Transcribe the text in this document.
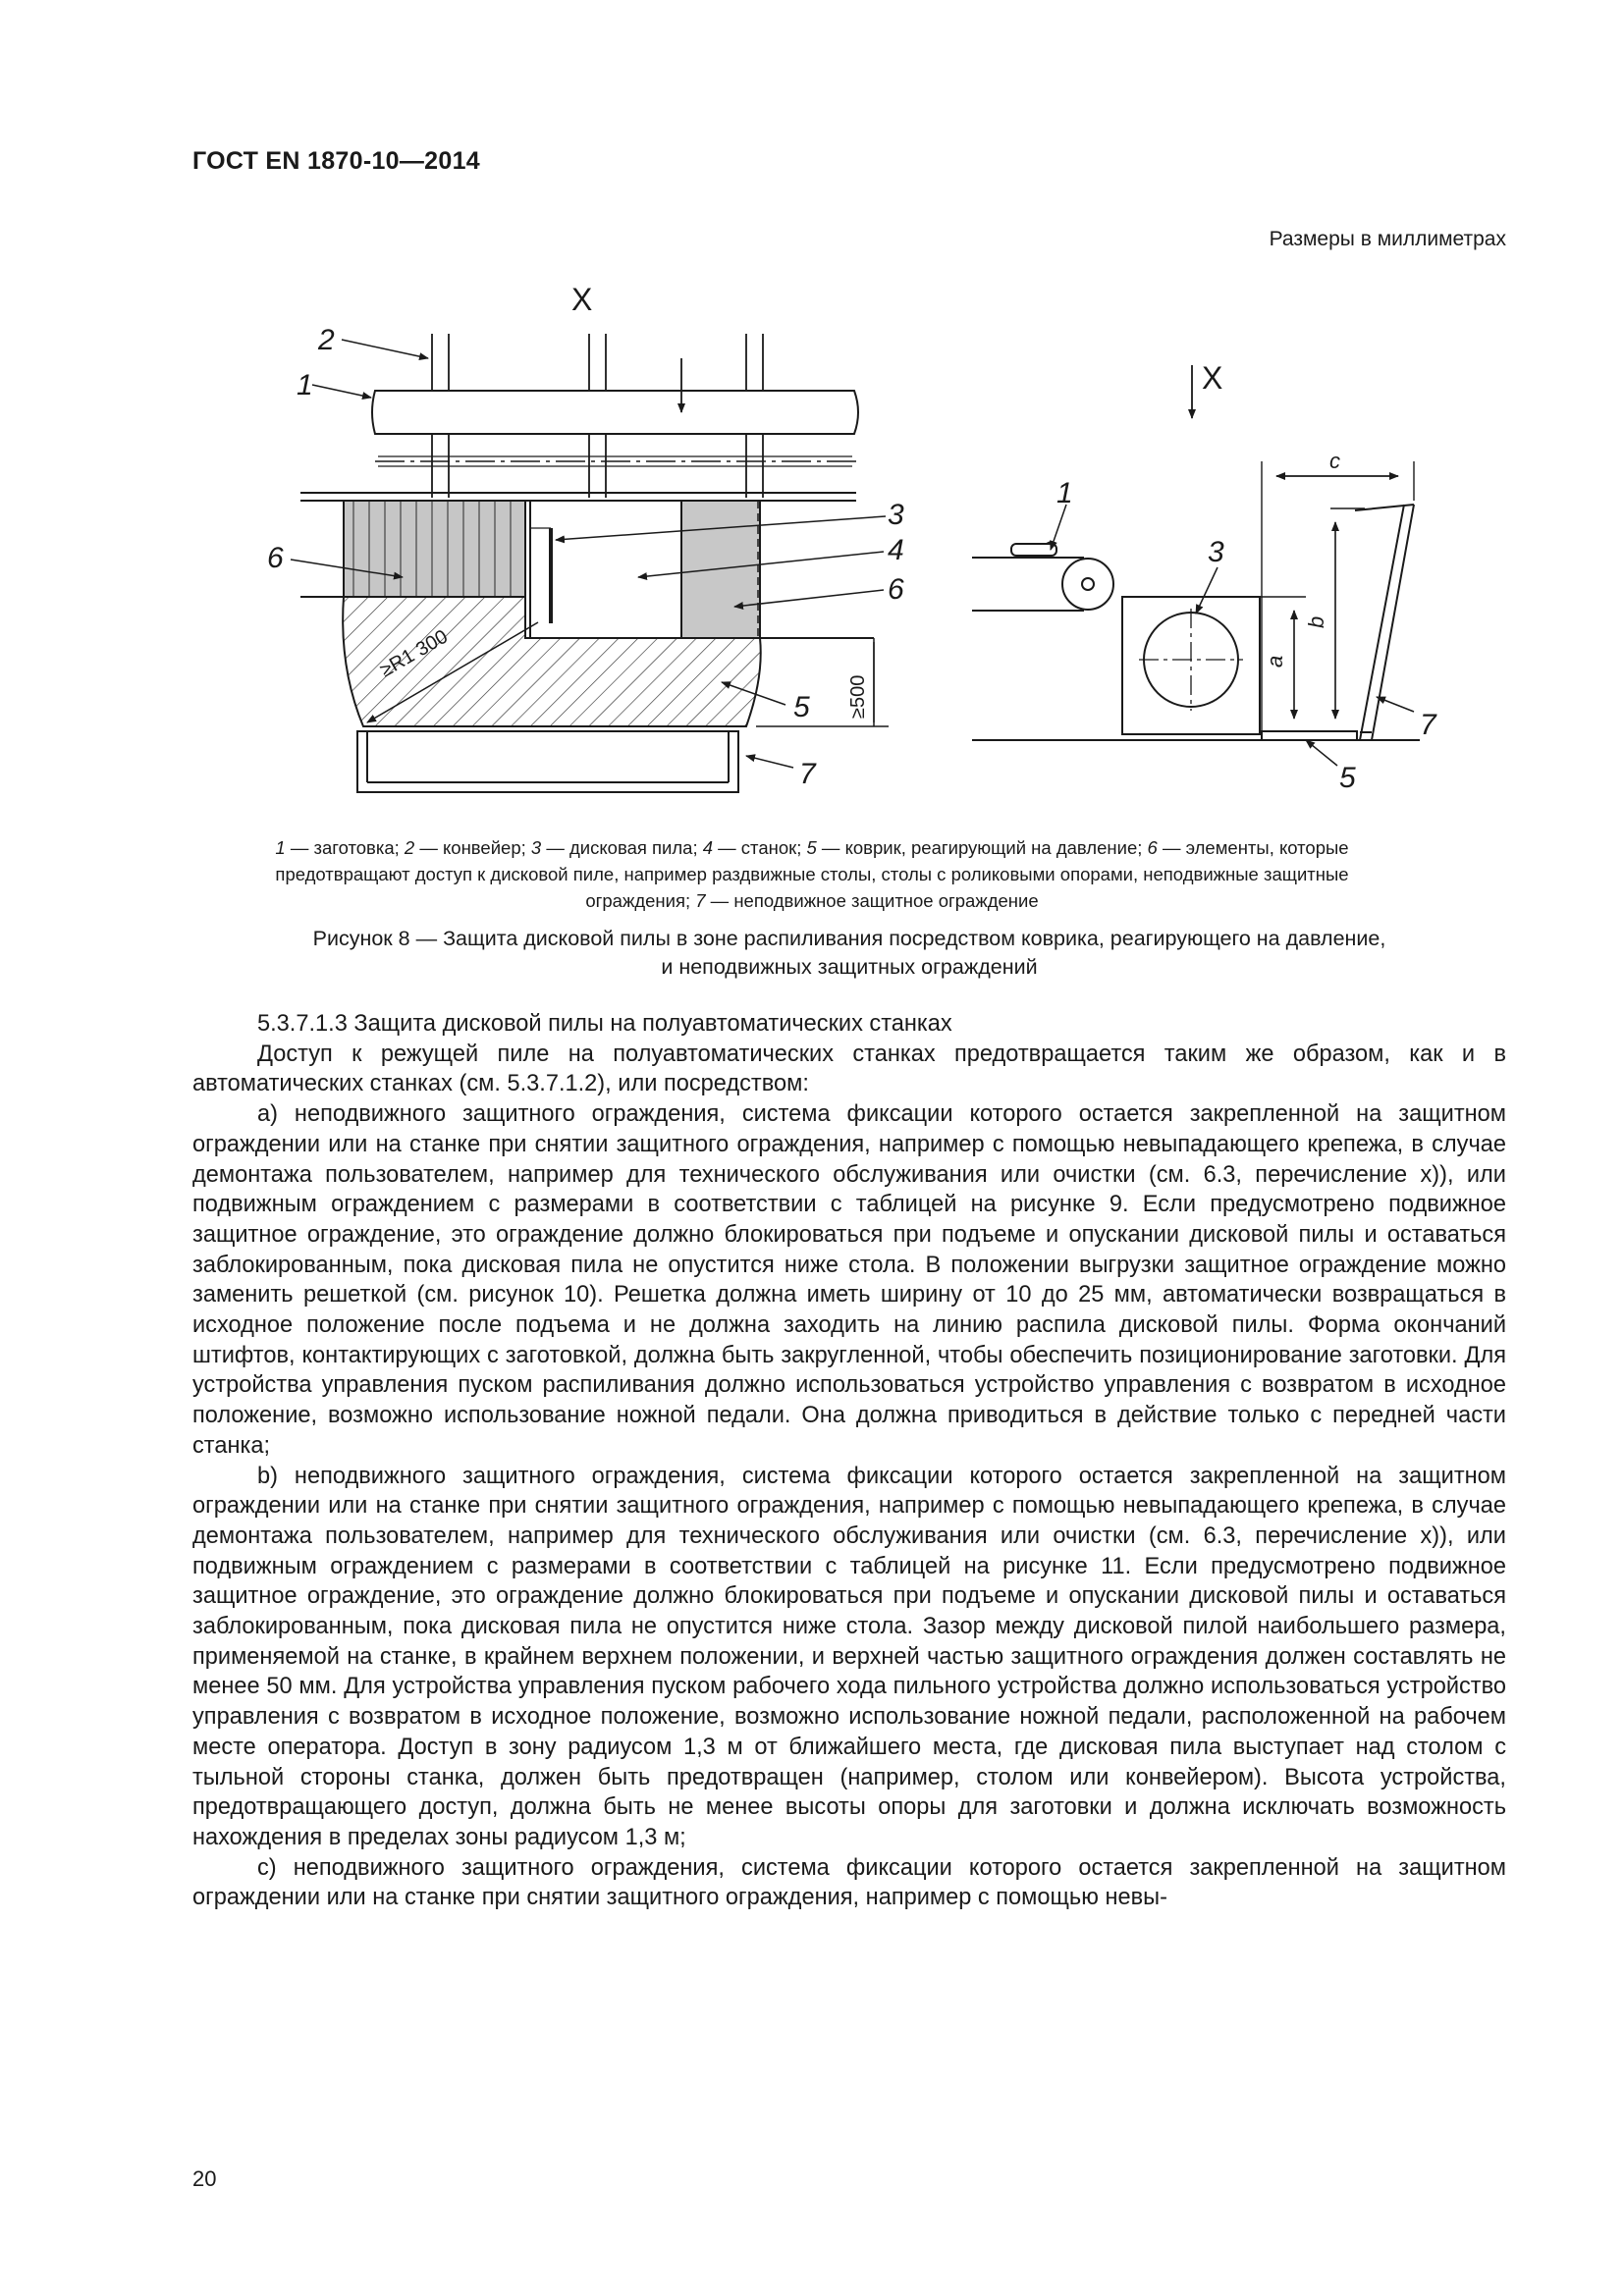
ГОСТ EN 1870-10—2014
Размеры в миллиметрах
X
2
1
3
4
6
6
5
7
≥R1 300
≥500
X
1
3
7
5
c
b
a
1 — заготовка; 2 — конвейер; 3 — дисковая пила; 4 — станок; 5 — коврик, реагирующий на давление; 6 — элементы, которые предотвращают доступ к дисковой пиле, например раздвижные столы, столы с роликовыми опорами, неподвижные защитные ограждения; 7 — неподвижное защитное ограждение
Рисунок 8 — Защита дисковой пилы в зоне распиливания посредством коврика, реагирующего на давление,
и неподвижных защитных ограждений

5.3.7.1.3 Защита дисковой пилы на полуавтоматических станках

Доступ к режущей пиле на полуавтоматических станках предотвращается таким же образом, как и в автоматических станках (см. 5.3.7.1.2), или посредством:

a) неподвижного защитного ограждения, система фиксации которого остается закрепленной на защитном ограждении или на станке при снятии защитного ограждения, например с помощью невыпадающего крепежа, в случае демонтажа пользователем, например для технического обслуживания или очистки (см. 6.3, перечисление x)), или подвижным ограждением с размерами в соответствии с таблицей на рисунке 9. Если предусмотрено подвижное защитное ограждение, это ограждение должно блокироваться при подъеме и опускании дисковой пилы и оставаться заблокированным, пока дисковая пила не опустится ниже стола. В положении выгрузки защитное ограждение можно заменить решеткой (см. рисунок 10). Решетка должна иметь ширину от 10 до 25 мм, автоматически возвращаться в исходное положение после подъема и не должна заходить на линию распила дисковой пилы. Форма окончаний штифтов, контактирующих с заготовкой, должна быть закругленной, чтобы обеспечить позиционирование заготовки. Для устройства управления пуском распиливания должно использоваться устройство управления с возвратом в исходное положение, возможно использование ножной педали. Она должна приводиться в действие только с передней части станка;

b) неподвижного защитного ограждения, система фиксации которого остается закрепленной на защитном ограждении или на станке при снятии защитного ограждения, например с помощью невыпадающего крепежа, в случае демонтажа пользователем, например для технического обслуживания или очистки (см. 6.3, перечисление x)), или подвижным ограждением с размерами в соответствии с таблицей на рисунке 11. Если предусмотрено подвижное защитное ограждение, это ограждение должно блокироваться при подъеме и опускании дисковой пилы и оставаться заблокированным, пока дисковая пила не опустится ниже стола. Зазор между дисковой пилой наибольшего размера, применяемой на станке, в крайнем верхнем положении, и верхней частью защитного ограждения должен составлять не менее 50 мм. Для устройства управления пуском рабочего хода пильного устройства должно использоваться устройство управления с возвратом в исходное положение, возможно использование ножной педали, расположенной на рабочем месте оператора. Доступ в зону радиусом 1,3 м от ближайшего места, где дисковая пила выступает над столом с тыльной стороны станка, должен быть предотвращен (например, столом или конвейером). Высота устройства, предотвращающего доступ, должна быть не менее высоты опоры для заготовки и должна исключать возможность нахождения в пределах зоны радиусом 1,3 м;

c) неподвижного защитного ограждения, система фиксации которого остается закрепленной на защитном ограждении или на станке при снятии защитного ограждения, например с помощью невы-

20
